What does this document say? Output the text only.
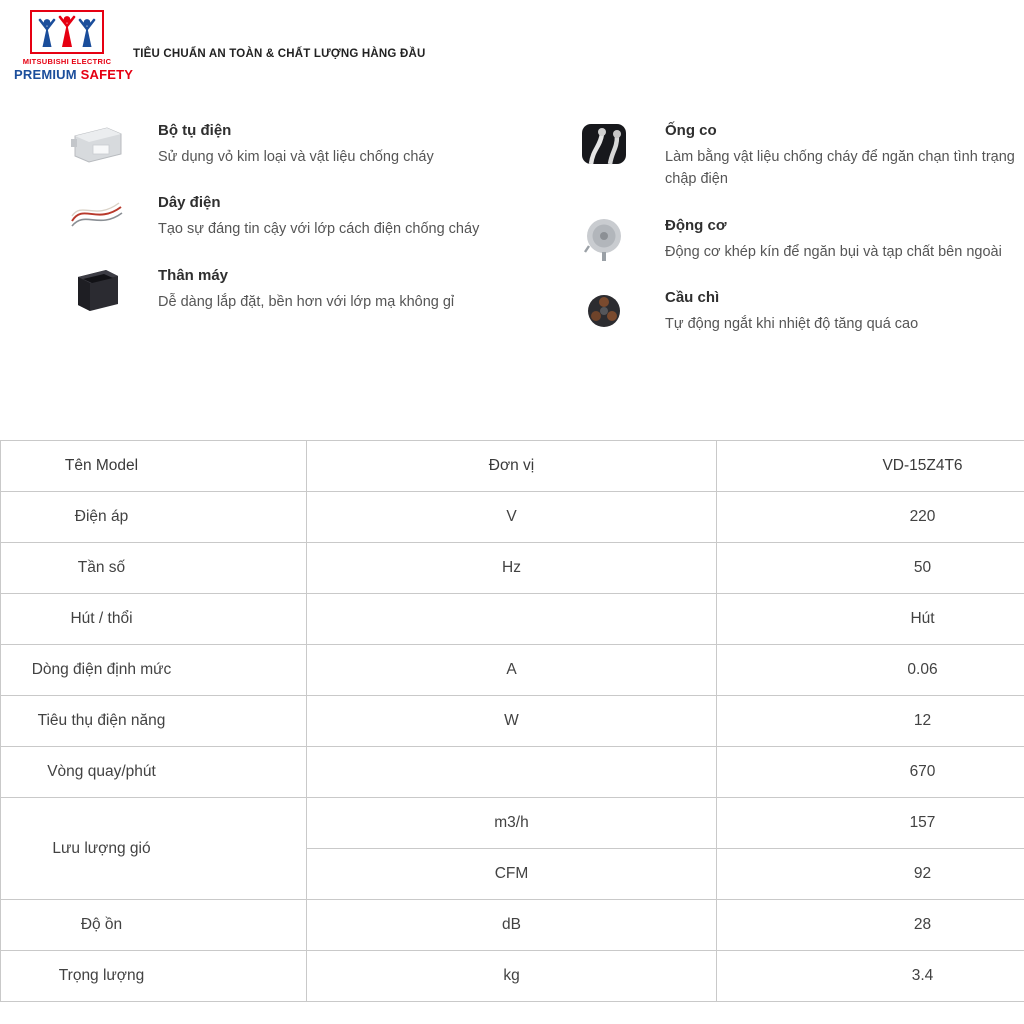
MITSUBISHI ELECTRIC
PREMIUM SAFETY
TIÊU CHUẨN AN TOÀN & CHẤT LƯỢNG HÀNG ĐẦU
Bộ tụ điện
Sử dụng vỏ kim loại và vật liệu chống cháy
Dây điện
Tạo sự đáng tin cậy với lớp cách điện chống cháy
Thân máy
Dễ dàng lắp đặt, bền hơn với lớp mạ không gỉ
Ống co
Làm bằng vật liệu chống cháy để ngăn chạn tình trạng chập điện
Động cơ
Động cơ khép kín để ngăn bụi và tạp chất bên ngoài
Cầu chì
Tự động ngắt khi nhiệt độ tăng quá cao
Tên Model	Đơn vị	VD-15Z4T6
Điện áp	V	220
Tần số	Hz	50
Hút / thổi		Hút
Dòng điện định mức	A	0.06
Tiêu thụ điện năng	W	12
Vòng quay/phút		670
Lưu lượng gió	m3/h	157
	CFM	92
Độ ồn	dB	28
Trọng lượng	kg	3.4
